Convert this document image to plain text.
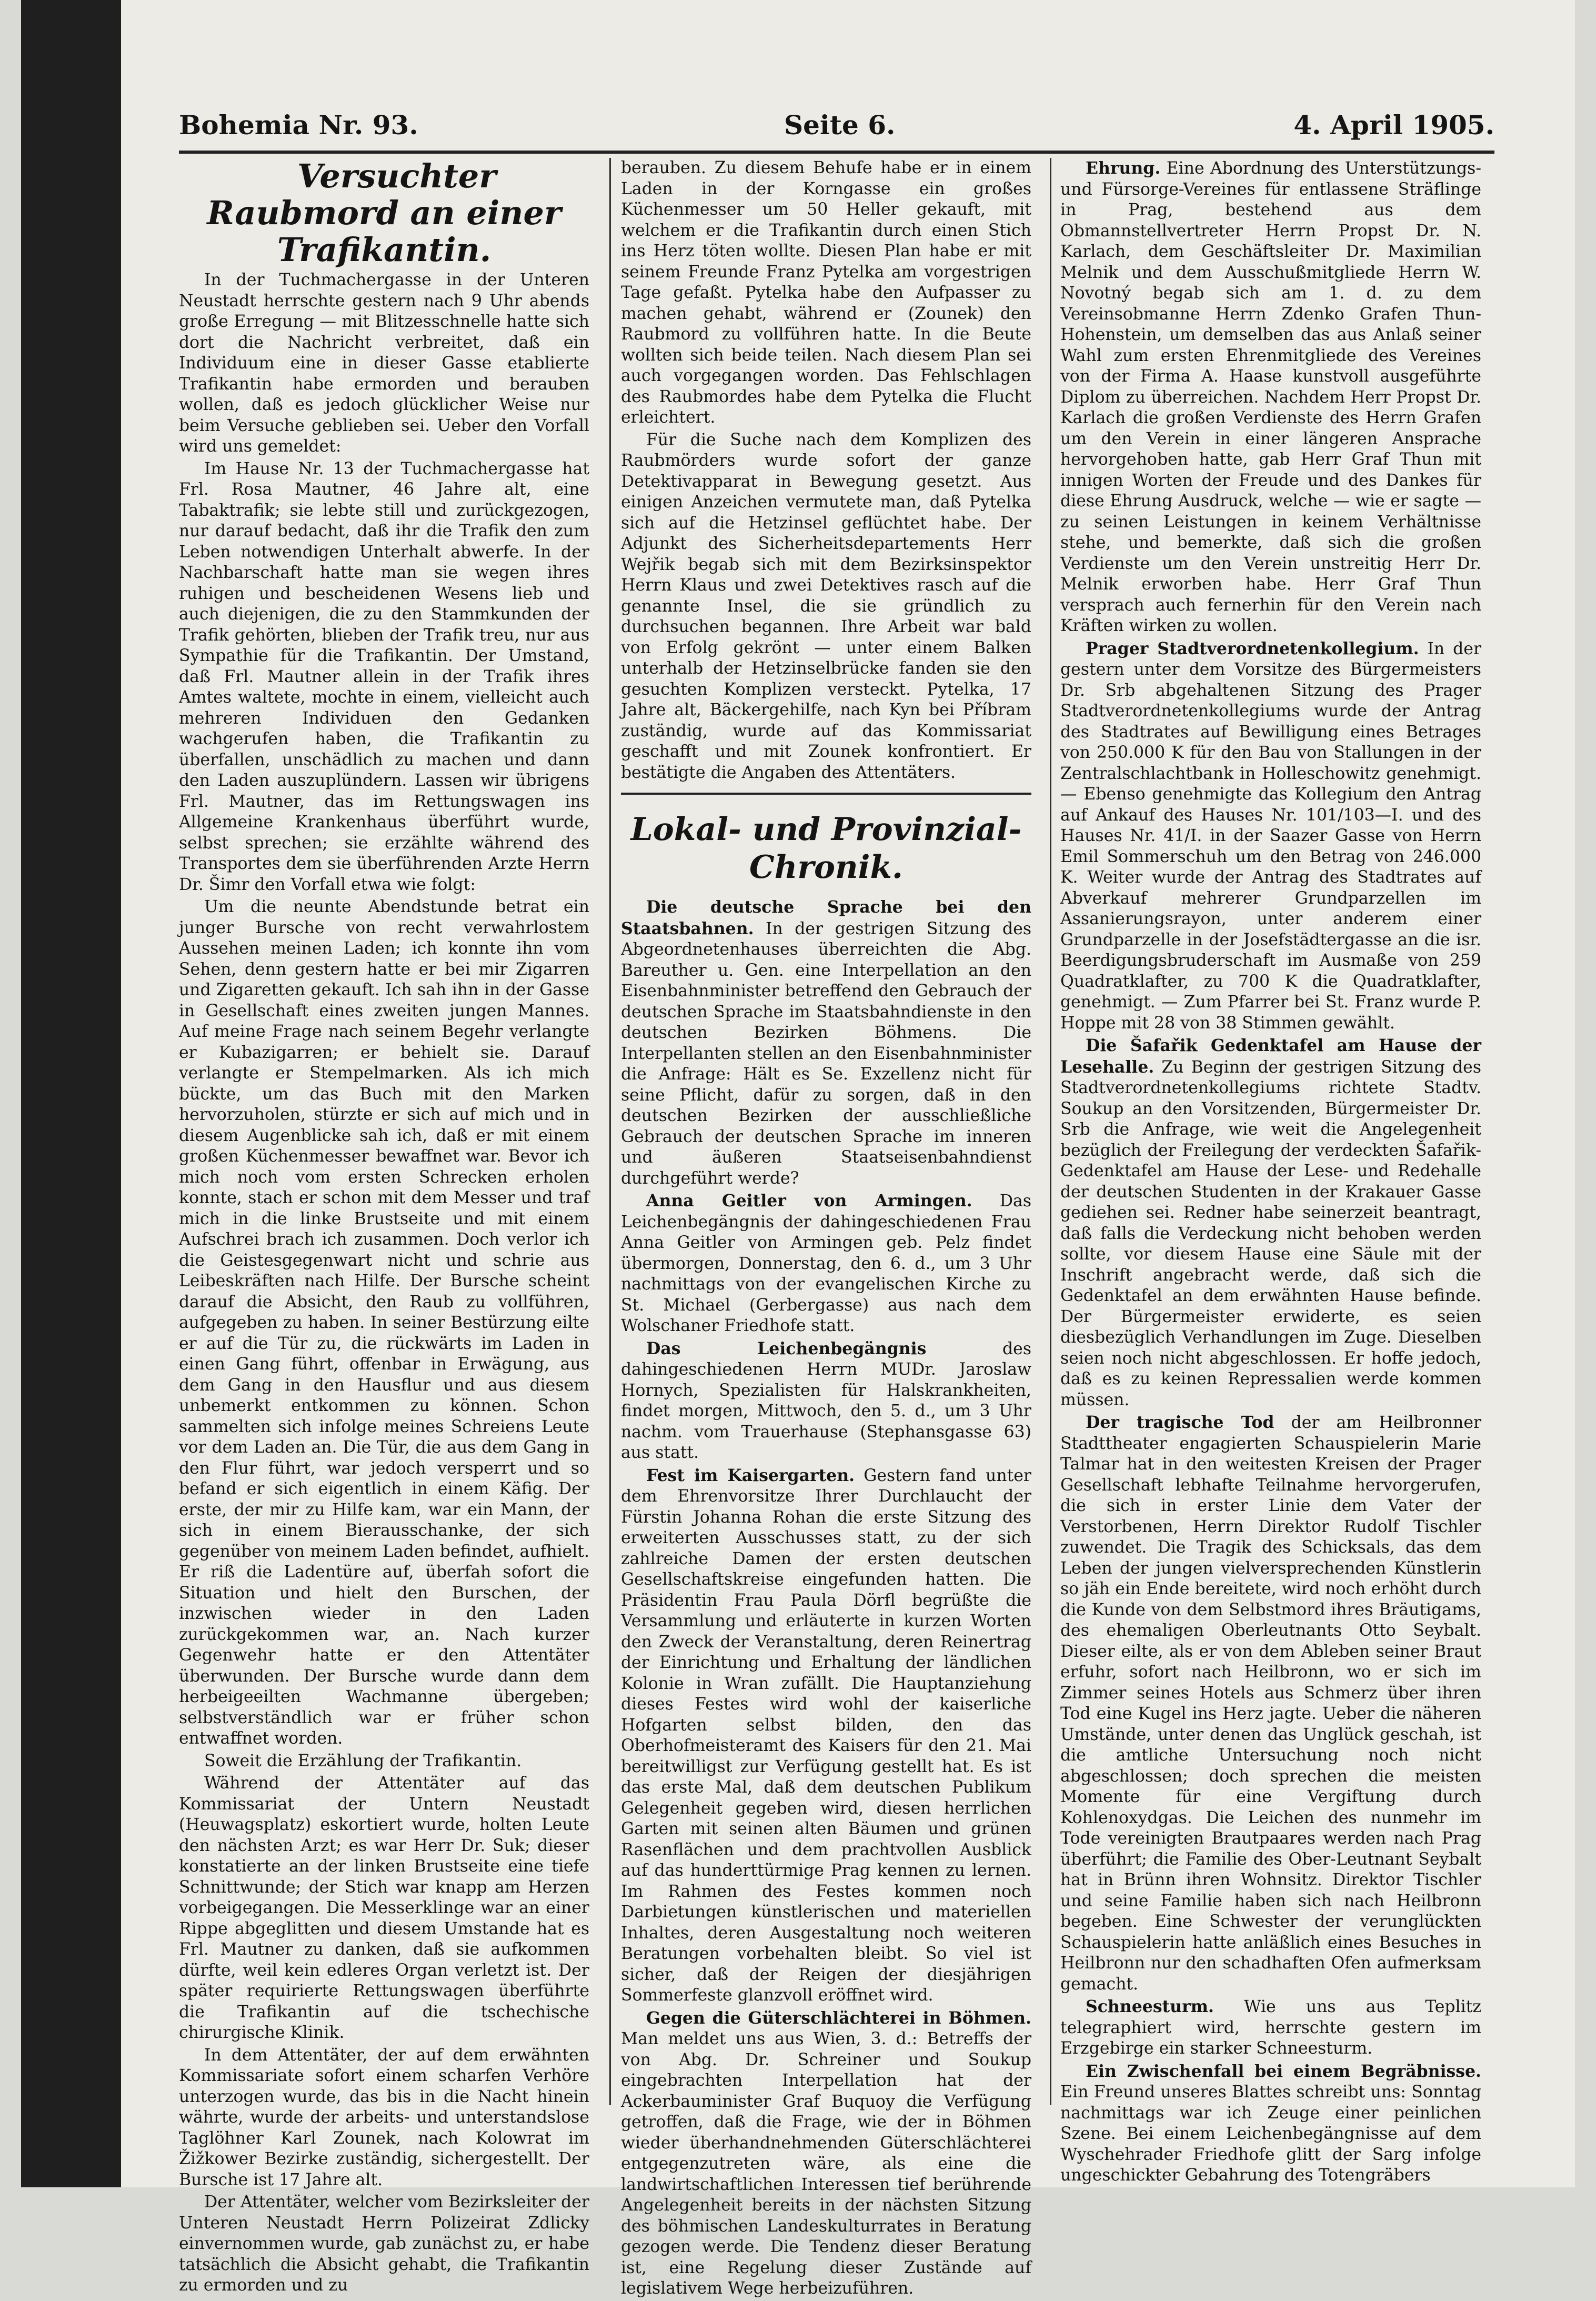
Bohemia Nr. 93.	Seite 6.	4. April 1905.

Versuchter Raubmord an einer Trafikantin.

In der Tuchmachergasse in der Unteren Neustadt herrschte gestern nach 9 Uhr abends große Erregung — mit Blitzesschnelle hatte sich dort die Nachricht verbreitet, daß ein Individuum eine in dieser Gasse etablierte Trafikantin habe ermorden und berauben wollen, daß es jedoch glücklicher Weise nur beim Versuche geblieben sei. Ueber den Vorfall wird uns gemeldet:

Im Hause Nr. 13 der Tuchmachergasse hat Frl. Rosa Mautner, 46 Jahre alt, eine Tabaktrafik; sie lebte still und zurückgezogen, nur darauf bedacht, daß ihr die Trafik den zum Leben notwendigen Unterhalt abwerfe. In der Nachbarschaft hatte man sie wegen ihres ruhigen und bescheidenen Wesens lieb und auch diejenigen, die zu den Stammkunden der Trafik gehörten, blieben der Trafik treu, nur aus Sympathie für die Trafikantin. Der Umstand, daß Frl. Mautner allein in der Trafik ihres Amtes waltete, mochte in einem, vielleicht auch mehreren Individuen den Gedanken wachgerufen haben, die Trafikantin zu überfallen, unschädlich zu machen und dann den Laden auszuplündern. Lassen wir übrigens Frl. Mautner, das im Rettungswagen ins Allgemeine Krankenhaus überführt wurde, selbst sprechen; sie erzählte während des Transportes dem sie überführenden Arzte Herrn Dr. Šimr den Vorfall etwa wie folgt:

Um die neunte Abendstunde betrat ein junger Bursche von recht verwahrlostem Aussehen meinen Laden; ich konnte ihn vom Sehen, denn gestern hatte er bei mir Zigarren und Zigaretten gekauft. Ich sah ihn in der Gasse in Gesellschaft eines zweiten jungen Mannes. Auf meine Frage nach seinem Begehr verlangte er Kubazigarren; er behielt sie. Darauf verlangte er Stempelmarken. Als ich mich bückte, um das Buch mit den Marken hervorzuholen, stürzte er sich auf mich und in diesem Augenblicke sah ich, daß er mit einem großen Küchenmesser bewaffnet war. Bevor ich mich noch vom ersten Schrecken erholen konnte, stach er schon mit dem Messer und traf mich in die linke Brustseite und mit einem Aufschrei brach ich zusammen. Doch verlor ich die Geistesgegenwart nicht und schrie aus Leibeskräften nach Hilfe. Der Bursche scheint darauf die Absicht, den Raub zu vollführen, aufgegeben zu haben. In seiner Bestürzung eilte er auf die Tür zu, die rückwärts im Laden in einen Gang führt, offenbar in Erwägung, aus dem Gang in den Hausflur und aus diesem unbemerkt entkommen zu können. Schon sammelten sich infolge meines Schreiens Leute vor dem Laden an. Die Tür, die aus dem Gang in den Flur führt, war jedoch versperrt und so befand er sich eigentlich in einem Käfig. Der erste, der mir zu Hilfe kam, war ein Mann, der sich in einem Bierausschanke, der sich gegenüber von meinem Laden befindet, aufhielt. Er riß die Ladentüre auf, überfah sofort die Situation und hielt den Burschen, der inzwischen wieder in den Laden zurückgekommen war, an. Nach kurzer Gegenwehr hatte er den Attentäter überwunden. Der Bursche wurde dann dem herbeigeeilten Wachmanne übergeben; selbstverständlich war er früher schon entwaffnet worden.

Soweit die Erzählung der Trafikantin.

Während der Attentäter auf das Kommissariat der Untern Neustadt (Heuwagsplatz) eskortiert wurde, holten Leute den nächsten Arzt; es war Herr Dr. Suk; dieser konstatierte an der linken Brustseite eine tiefe Schnittwunde; der Stich war knapp am Herzen vorbeigegangen. Die Messerklinge war an einer Rippe abgeglitten und diesem Umstande hat es Frl. Mautner zu danken, daß sie aufkommen dürfte, weil kein edleres Organ verletzt ist. Der später requirierte Rettungswagen überführte die Trafikantin auf die tschechische chirurgische Klinik.

In dem Attentäter, der auf dem erwähnten Kommissariate sofort einem scharfen Verhöre unterzogen wurde, das bis in die Nacht hinein währte, wurde der arbeits- und unterstandslose Taglöhner Karl Zounek, nach Kolowrat im Žižkower Bezirke zuständig, sichergestellt. Der Bursche ist 17 Jahre alt.

Der Attentäter, welcher vom Bezirksleiter der Unteren Neustadt Herrn Polizeirat Zdlicky einvernommen wurde, gab zunächst zu, er habe tatsächlich die Absicht gehabt, die Trafikantin zu ermorden und zu

berauben. Zu diesem Behufe habe er in einem Laden in der Korngasse ein großes Küchenmesser um 50 Heller gekauft, mit welchem er die Trafikantin durch einen Stich ins Herz töten wollte. Diesen Plan habe er mit seinem Freunde Franz Pytelka am vorgestrigen Tage gefaßt. Pytelka habe den Aufpasser zu machen gehabt, während er (Zounek) den Raubmord zu vollführen hatte. In die Beute wollten sich beide teilen. Nach diesem Plan sei auch vorgegangen worden. Das Fehlschlagen des Raubmordes habe dem Pytelka die Flucht erleichtert.

Für die Suche nach dem Komplizen des Raubmörders wurde sofort der ganze Detektivapparat in Bewegung gesetzt. Aus einigen Anzeichen vermutete man, daß Pytelka sich auf die Hetzinsel geflüchtet habe. Der Adjunkt des Sicherheitsdepartements Herr Wejřik begab sich mit dem Bezirksinspektor Herrn Klaus und zwei Detektives rasch auf die genannte Insel, die sie gründlich zu durchsuchen begannen. Ihre Arbeit war bald von Erfolg gekrönt — unter einem Balken unterhalb der Hetzinselbrücke fanden sie den gesuchten Komplizen versteckt. Pytelka, 17 Jahre alt, Bäckergehilfe, nach Kyn bei Příbram zuständig, wurde auf das Kommissariat geschafft und mit Zounek konfrontiert. Er bestätigte die Angaben des Attentäters.

Lokal- und Provinzial-Chronik.

Die deutsche Sprache bei den Staatsbahnen. In der gestrigen Sitzung des Abgeordnetenhauses überreichten die Abg. Bareuther u. Gen. eine Interpellation an den Eisenbahnminister betreffend den Gebrauch der deutschen Sprache im Staatsbahndienste in den deutschen Bezirken Böhmens. Die Interpellanten stellen an den Eisenbahnminister die Anfrage: Hält es Se. Exzellenz nicht für seine Pflicht, dafür zu sorgen, daß in den deutschen Bezirken der ausschließliche Gebrauch der deutschen Sprache im inneren und äußeren Staatseisenbahndienst durchgeführt werde?

Anna Geitler von Armingen. Das Leichenbegängnis der dahingeschiedenen Frau Anna Geitler von Armingen geb. Pelz findet übermorgen, Donnerstag, den 6. d., um 3 Uhr nachmittags von der evangelischen Kirche zu St. Michael (Gerbergasse) aus nach dem Wolschaner Friedhofe statt.

Das Leichenbegängnis	des dahingeschiedenen Herrn MUDr. Jaroslaw Hornych, Spezialisten für Halskrankheiten, findet morgen, Mittwoch, den 5. d., um 3 Uhr nachm. vom Trauerhause (Stephansgasse 63) aus statt.

Fest im Kaisergarten. Gestern fand unter dem Ehrenvorsitze Ihrer Durchlaucht der Fürstin Johanna Rohan die erste Sitzung des erweiterten Ausschusses statt, zu der sich zahlreiche Damen der ersten deutschen Gesellschaftskreise eingefunden hatten. Die Präsidentin Frau Paula Dörfl begrüßte die Versammlung und erläuterte in kurzen Worten den Zweck der Veranstaltung, deren Reinertrag der Einrichtung und Erhaltung der ländlichen Kolonie in Wran zufällt. Die Hauptanziehung dieses Festes wird wohl der kaiserliche Hofgarten selbst bilden, den das Oberhofmeisteramt des Kaisers für den 21. Mai bereitwilligst zur Verfügung gestellt hat. Es ist das erste Mal, daß dem deutschen Publikum Gelegenheit gegeben wird, diesen herrlichen Garten mit seinen alten Bäumen und grünen Rasenflächen und dem prachtvollen Ausblick auf das hunderttürmige Prag kennen zu lernen. Im Rahmen des Festes kommen noch Darbietungen künstlerischen und materiellen Inhaltes, deren Ausgestaltung noch weiteren Beratungen vorbehalten bleibt. So viel ist sicher, daß der Reigen der diesjährigen Sommerfeste glanzvoll eröffnet wird.

Gegen die Güterschlächterei in Böhmen. Man meldet uns aus Wien, 3. d.: Betreffs der von Abg. Dr. Schreiner und Soukup eingebrachten Interpellation hat der Ackerbauminister Graf Buquoy die Verfügung getroffen, daß die Frage, wie der in Böhmen wieder überhandnehmenden Güterschlächterei entgegenzutreten wäre, als eine die landwirtschaftlichen Interessen tief berührende Angelegenheit bereits in der nächsten Sitzung des böhmischen Landeskulturrates in Beratung gezogen werde. Die Tendenz dieser Beratung ist, eine Regelung dieser Zustände auf legislativem Wege herbeizuführen.

Ehrung. Eine Abordnung des Unterstützungs- und Fürsorge-Vereines für entlassene Sträflinge in Prag, bestehend aus dem Obmannstellvertreter Herrn Propst Dr. N. Karlach, dem Geschäftsleiter Dr. Maximilian Melnik und dem Ausschußmitgliede Herrn W. Novotný begab sich am 1. d. zu dem Vereinsobmanne Herrn Zdenko Grafen Thun-Hohenstein, um demselben das aus Anlaß seiner Wahl zum ersten Ehrenmitgliede des Vereines von der Firma A. Haase kunstvoll ausgeführte Diplom zu überreichen. Nachdem Herr Propst Dr. Karlach die großen Verdienste des Herrn Grafen um den Verein in einer längeren Ansprache hervorgehoben hatte, gab Herr Graf Thun mit innigen Worten der Freude und des Dankes für diese Ehrung Ausdruck, welche — wie er sagte — zu seinen Leistungen in keinem Verhältnisse stehe, und bemerkte, daß sich die großen Verdienste um den Verein unstreitig Herr Dr. Melnik erworben habe. Herr Graf Thun versprach auch fernerhin für den Verein nach Kräften wirken zu wollen.

Prager Stadtverordnetenkollegium. In der gestern unter dem Vorsitze des Bürgermeisters Dr. Srb abgehaltenen Sitzung des Prager Stadtverordnetenkollegiums wurde der Antrag des Stadtrates auf Bewilligung eines Betrages von 250.000 K für den Bau von Stallungen in der Zentralschlachtbank in Holleschowitz genehmigt. — Ebenso genehmigte das Kollegium den Antrag auf Ankauf des Hauses Nr. 101/103—I. und des Hauses Nr. 41/I. in der Saazer Gasse von Herrn Emil Sommerschuh um den Betrag von 246.000 K. Weiter wurde der Antrag des Stadtrates auf Abverkauf mehrerer Grundparzellen im Assanierungsrayon, unter anderem einer Grundparzelle in der Josefstädtergasse an die isr. Beerdigungsbruderschaft im Ausmaße von 259 Quadratklafter, zu 700 K die Quadratklafter, genehmigt. — Zum Pfarrer bei St. Franz wurde P. Hoppe mit 28 von 38 Stimmen gewählt.

Die Šafařik Gedenktafel am Hause der Lesehalle. Zu Beginn der gestrigen Sitzung des Stadtverordnetenkollegiums richtete Stadtv. Soukup an den Vorsitzenden, Bürgermeister Dr. Srb die Anfrage, wie weit die Angelegenheit bezüglich der Freilegung der verdeckten Šafařik-Gedenktafel am Hause der Lese- und Redehalle der deutschen Studenten in der Krakauer Gasse gediehen sei. Redner habe seinerzeit beantragt, daß falls die Verdeckung nicht behoben werden sollte, vor diesem Hause eine Säule mit der Inschrift angebracht werde, daß sich die Gedenktafel an dem erwähnten Hause befinde. Der Bürgermeister erwiderte, es seien diesbezüglich Verhandlungen im Zuge. Dieselben seien noch nicht abgeschlossen. Er hoffe jedoch, daß es zu keinen Repressalien werde kommen müssen.

Der tragische Tod der am Heilbronner Stadttheater engagierten Schauspielerin Marie Talmar hat in den weitesten Kreisen der Prager Gesellschaft lebhafte Teilnahme hervorgerufen, die sich in erster Linie dem Vater der Verstorbenen, Herrn Direktor Rudolf Tischler zuwendet. Die Tragik des Schicksals, das dem Leben der jungen vielversprechenden Künstlerin so jäh ein Ende bereitete, wird noch erhöht durch die Kunde von dem Selbstmord ihres Bräutigams, des ehemaligen Oberleutnants Otto Seybalt. Dieser eilte, als er von dem Ableben seiner Braut erfuhr, sofort nach Heilbronn, wo er sich im Zimmer seines Hotels aus Schmerz über ihren Tod eine Kugel ins Herz jagte. Ueber die näheren Umstände, unter denen das Unglück geschah, ist die amtliche Untersuchung noch nicht abgeschlossen; doch sprechen die meisten Momente für eine Vergiftung durch Kohlenoxydgas. Die Leichen des nunmehr im Tode vereinigten Brautpaares werden nach Prag überführt; die Familie des Ober-Leutnant Seybalt hat in Brünn ihren Wohnsitz. Direktor Tischler und seine Familie haben sich nach Heilbronn begeben. Eine Schwester der verunglückten Schauspielerin hatte anläßlich eines Besuches in Heilbronn nur den schadhaften Ofen aufmerksam gemacht.

Schneesturm. Wie uns aus Teplitz telegraphiert wird, herrschte gestern im Erzgebirge ein starker Schneesturm.

Ein Zwischenfall bei einem Begräbnisse. Ein Freund unseres Blattes schreibt uns: Sonntag nachmittags war ich Zeuge einer peinlichen Szene. Bei einem Leichenbegängnisse auf dem Wyschehrader Friedhofe glitt der Sarg infolge ungeschickter Gebahrung des Totengräbers
